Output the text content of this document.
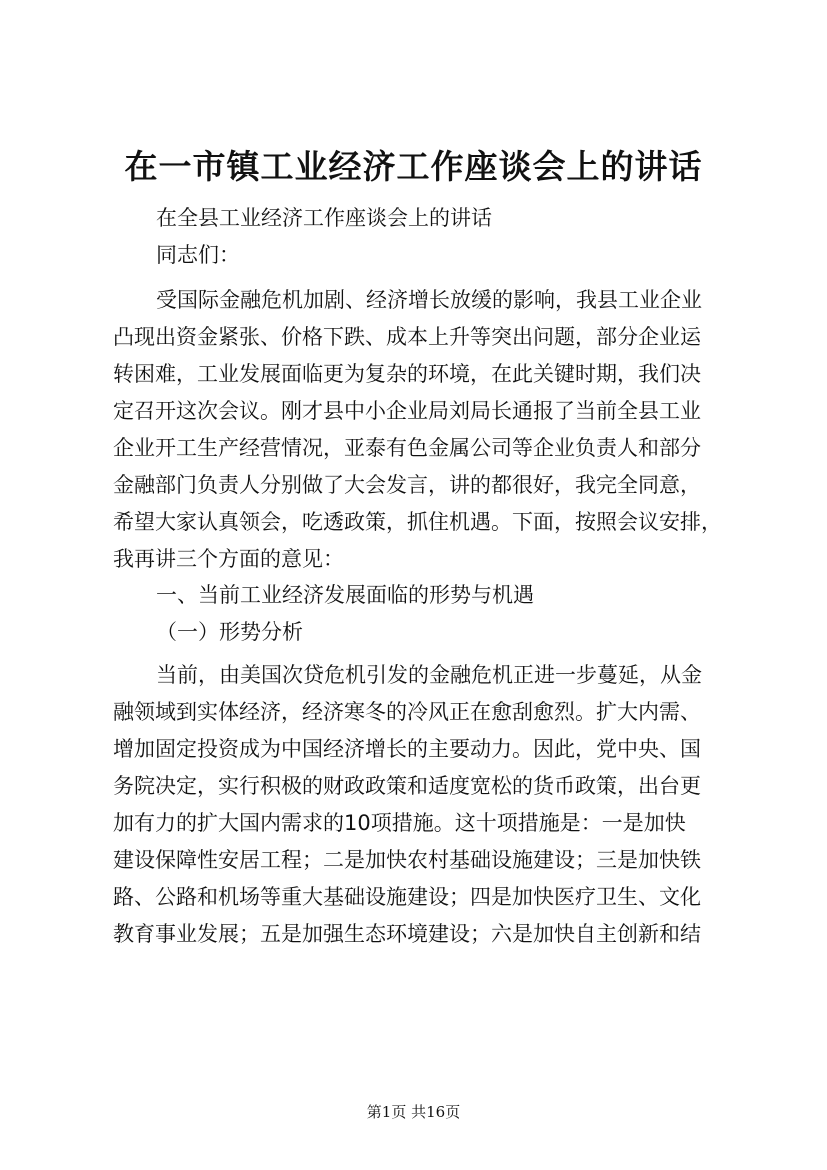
在一市镇工业经济工作座谈会上的讲话
在全县工业经济工作座谈会上的讲话
同志们：
受国际金融危机加剧、经济增长放缓的影响，我县工业企业
凸现出资金紧张、价格下跌、成本上升等突出问题，部分企业运
转困难，工业发展面临更为复杂的环境，在此关键时期，我们决
定召开这次会议。刚才县中小企业局刘局长通报了当前全县工业
企业开工生产经营情况，亚泰有色金属公司等企业负责人和部分
金融部门负责人分别做了大会发言，讲的都很好，我完全同意，
希望大家认真领会，吃透政策，抓住机遇。下面，按照会议安排，
我再讲三个方面的意见：
一、当前工业经济发展面临的形势与机遇
（一）形势分析
当前，由美国次贷危机引发的金融危机正进一步蔓延，从金
融领域到实体经济，经济寒冬的冷风正在愈刮愈烈。扩大内需、
增加固定投资成为中国经济增长的主要动力。因此，党中央、国
务院决定，实行积极的财政政策和适度宽松的货币政策，出台更
加有力的扩大国内需求的10项措施。这十项措施是：一是加快
建设保障性安居工程；二是加快农村基础设施建设；三是加快铁
路、公路和机场等重大基础设施建设；四是加快医疗卫生、文化
教育事业发展；五是加强生态环境建设；六是加快自主创新和结
第1页 共16页
